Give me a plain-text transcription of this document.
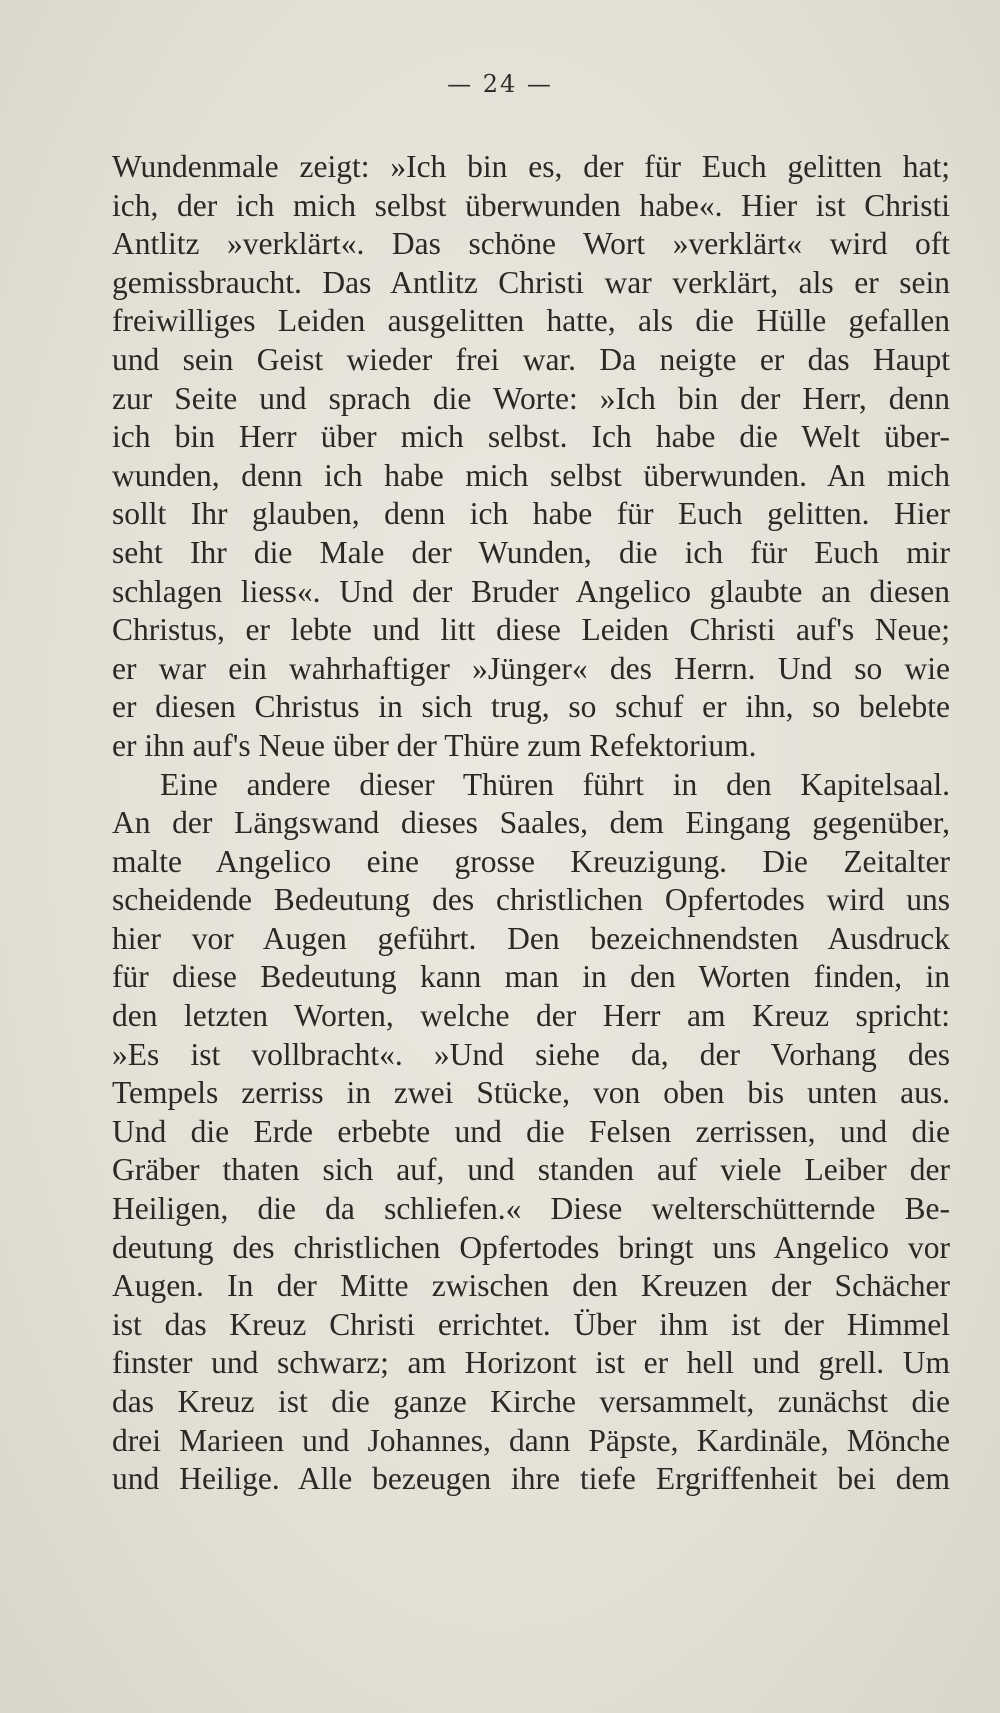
— 24 —
Wundenmale zeigt: »Ich bin es, der für Euch gelitten hat;
ich, der ich mich selbst überwunden habe«. Hier ist Christi
Antlitz »verklärt«. Das schöne Wort »verklärt« wird oft
gemissbraucht. Das Antlitz Christi war verklärt, als er sein
freiwilliges Leiden ausgelitten hatte, als die Hülle gefallen
und sein Geist wieder frei war. Da neigte er das Haupt
zur Seite und sprach die Worte: »Ich bin der Herr, denn
ich bin Herr über mich selbst. Ich habe die Welt über-
wunden, denn ich habe mich selbst überwunden. An mich
sollt Ihr glauben, denn ich habe für Euch gelitten. Hier
seht Ihr die Male der Wunden, die ich für Euch mir
schlagen liess«. Und der Bruder Angelico glaubte an diesen
Christus, er lebte und litt diese Leiden Christi auf's Neue;
er war ein wahrhaftiger »Jünger« des Herrn. Und so wie
er diesen Christus in sich trug, so schuf er ihn, so belebte
er ihn auf's Neue über der Thüre zum Refektorium.
Eine andere dieser Thüren führt in den Kapitelsaal.
An der Längswand dieses Saales, dem Eingang gegenüber,
malte Angelico eine grosse Kreuzigung. Die Zeitalter
scheidende Bedeutung des christlichen Opfertodes wird uns
hier vor Augen geführt. Den bezeichnendsten Ausdruck
für diese Bedeutung kann man in den Worten finden, in
den letzten Worten, welche der Herr am Kreuz spricht:
»Es ist vollbracht«. »Und siehe da, der Vorhang des
Tempels zerriss in zwei Stücke, von oben bis unten aus.
Und die Erde erbebte und die Felsen zerrissen, und die
Gräber thaten sich auf, und standen auf viele Leiber der
Heiligen, die da schliefen.« Diese welterschütternde Be-
deutung des christlichen Opfertodes bringt uns Angelico vor
Augen. In der Mitte zwischen den Kreuzen der Schächer
ist das Kreuz Christi errichtet. Über ihm ist der Himmel
finster und schwarz; am Horizont ist er hell und grell. Um
das Kreuz ist die ganze Kirche versammelt, zunächst die
drei Marieen und Johannes, dann Päpste, Kardinäle, Mönche
und Heilige. Alle bezeugen ihre tiefe Ergriffenheit bei dem
